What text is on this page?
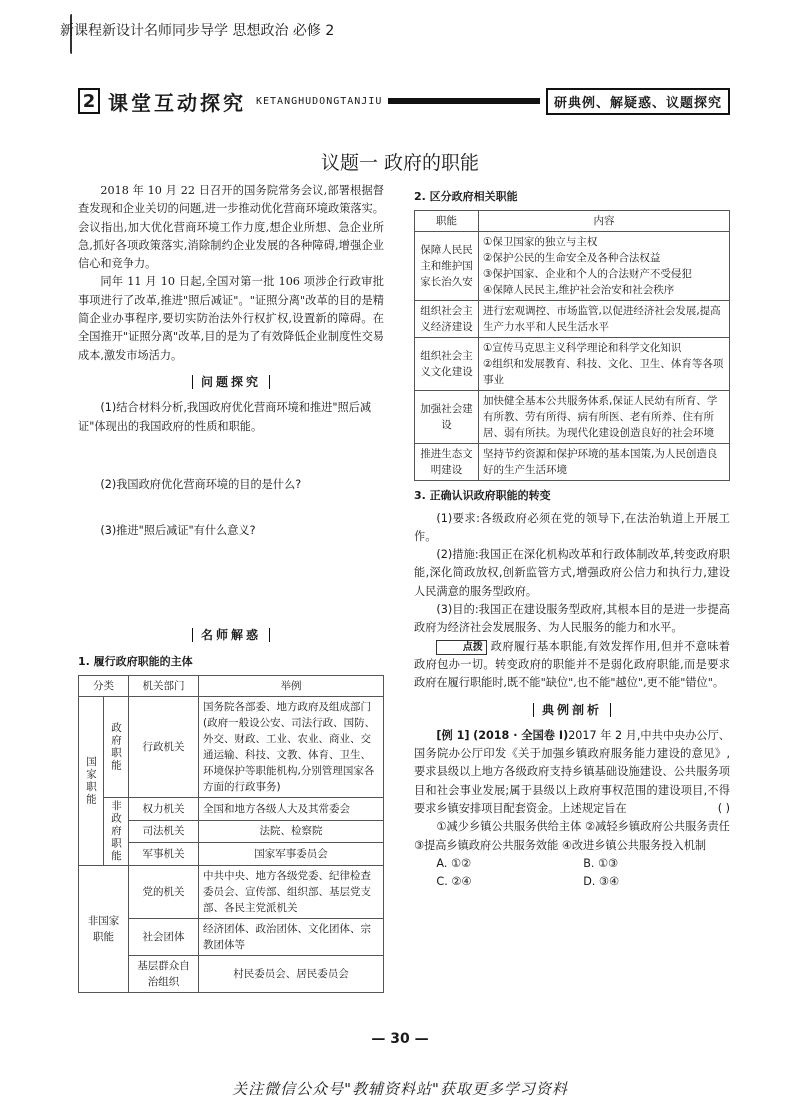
新课程新设计名师同步导学 思想政治 必修 2
2 课堂互动探究 KETANGHUDONGTANJIU	研典例、解疑惑、议题探究
议题一 政府的职能

2018 年 10 月 22 日召开的国务院常务会议,部署根据督查发现和企业关切的问题,进一步推动优化营商环境政策落实。会议指出,加大优化营商环境工作力度,想企业所想、急企业所急,抓好各项政策落实,消除制约企业发展的各种障碍,增强企业信心和竞争力。

同年 11 月 10 日起,全国对第一批 106 项涉企行政审批事项进行了改革,推进"照后减证"。"证照分离"改革的目的是精简企业办事程序,要切实防治法外行权扩权,设置新的障碍。在全国推开"证照分离"改革,目的是为了有效降低企业制度性交易成本,激发市场活力。

问题探究

(1)结合材料分析,我国政府优化营商环境和推进"照后减证"体现出的我国政府的性质和职能。

(2)我国政府优化营商环境的目的是什么?

(3)推进"照后减证"有什么意义?

名师解惑
1. 履行政府职能的主体
分类		机关部门	举例
国家职能	政府职能	行政机关	国务院各部委、地方政府及组成部门(政府一般设公安、司法行政、国防、外交、财政、工业、农业、商业、交通运输、科技、文教、体育、卫生、环境保护等职能机构,分别管理国家各方面的行政事务)
	非政府职能	权力机关	全国和地方各级人大及其常委会
		司法机关	法院、检察院
		军事机关	国家军事委员会
非国家职能		党的机关	中共中央、地方各级党委、纪律检查委员会、宣传部、组织部、基层党支部、各民主党派机关
		社会团体	经济团体、政治团体、文化团体、宗教团体等
		基层群众自治组织	村民委员会、居民委员会
2. 区分政府相关职能
职能	内容
保障人民民主和维护国家长治久安	①保卫国家的独立与主权
②保护公民的生命安全及各种合法权益
③保护国家、企业和个人的合法财产不受侵犯
④保障人民民主,维护社会治安和社会秩序
组织社会主义经济建设	进行宏观调控、市场监管,以促进经济社会发展,提高生产力水平和人民生活水平
组织社会主义文化建设	①宣传马克思主义科学理论和科学文化知识
②组织和发展教育、科技、文化、卫生、体育等各项事业
加强社会建设	加快健全基本公共服务体系,保证人民幼有所育、学有所教、劳有所得、病有所医、老有所养、住有所居、弱有所扶。为现代化建设创造良好的社会环境
推进生态文明建设	坚持节约资源和保护环境的基本国策,为人民创造良好的生产生活环境
3. 正确认识政府职能的转变

(1)要求:各级政府必须在党的领导下,在法治轨道上开展工作。

(2)措施:我国正在深化机构改革和行政体制改革,转变政府职能,深化简政放权,创新监管方式,增强政府公信力和执行力,建设人民满意的服务型政府。

(3)目的:我国正在建设服务型政府,其根本目的是进一步提高政府为经济社会发展服务、为人民服务的能力和水平。

点拨 政府履行基本职能,有效发挥作用,但并不意味着政府包办一切。转变政府的职能并不是弱化政府职能,而是要求政府在履行职能时,既不能"缺位",也不能"越位",更不能"错位"。

典例剖析

[例 1] (2018 · 全国卷 Ⅰ)2017 年 2 月,中共中央办公厅、国务院办公厅印发《关于加强乡镇政府服务能力建设的意见》,要求县级以上地方各级政府支持乡镇基础设施建设、公共服务项目和社会事业发展;属于县级以上政府事权范围的建设项目,不得要求乡镇安排项目配套资金。上述规定旨在	( )

①减少乡镇公共服务供给主体 ②减轻乡镇政府公共服务责任 ③提高乡镇政府公共服务效能 ④改进乡镇公共服务投入机制

A. ①②	B. ①③
C. ②④	D. ③④
— 30 —
关注微信公众号"教辅资料站"获取更多学习资料
